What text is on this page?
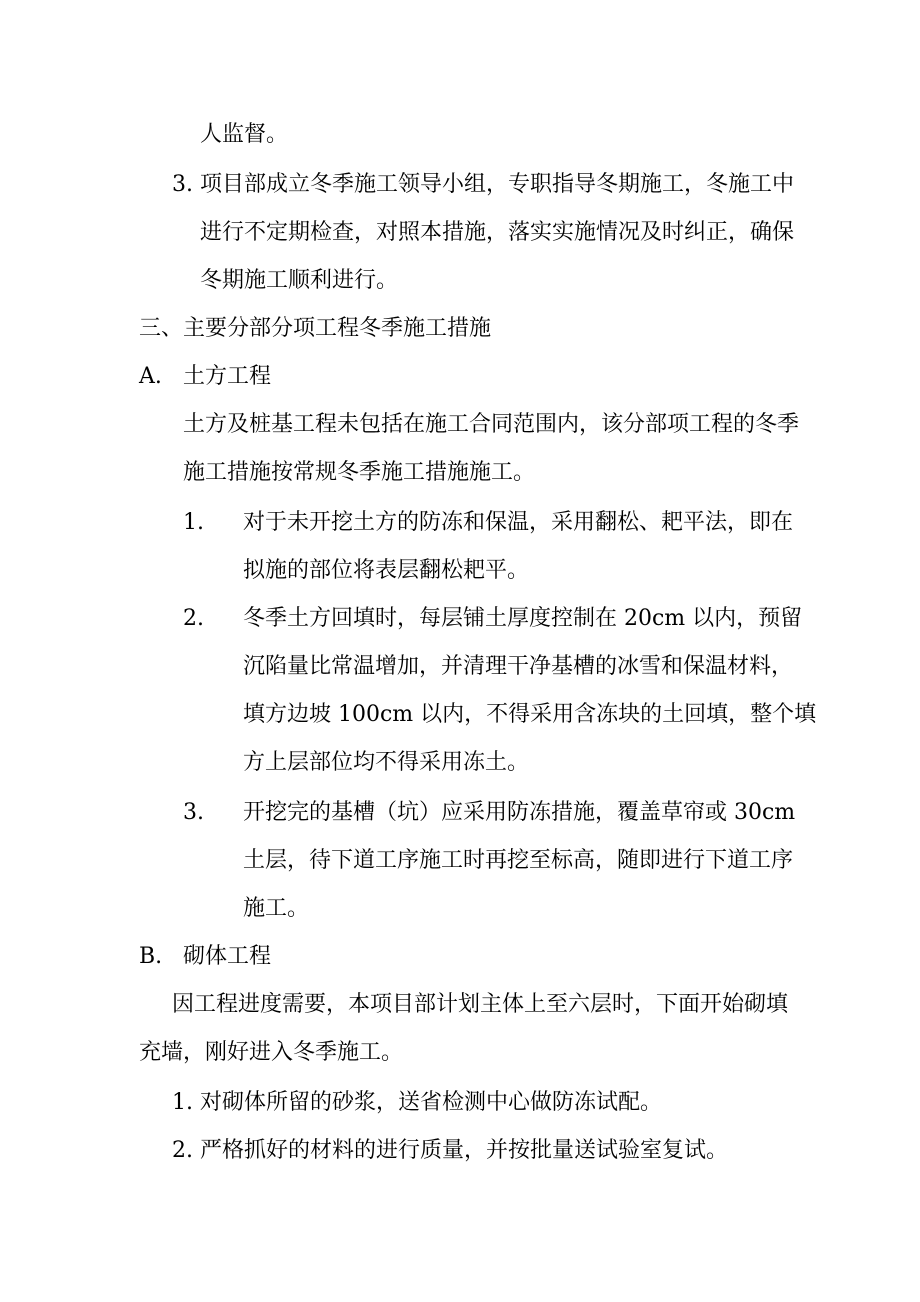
人监督。
3. 项目部成立冬季施工领导小组，专职指导冬期施工，冬施工中
进行不定期检查，对照本措施，落实实施情况及时纠正，确保
冬期施工顺利进行。
三、主要分部分项工程冬季施工措施
A. 土方工程
土方及桩基工程未包括在施工合同范围内，该分部项工程的冬季
施工措施按常规冬季施工措施施工。
1. 对于未开挖土方的防冻和保温，采用翻松、耙平法，即在
拟施的部位将表层翻松耙平。
2. 冬季土方回填时，每层铺土厚度控制在 20cm 以内，预留
沉陷量比常温增加，并清理干净基槽的冰雪和保温材料，
填方边坡 100cm 以内，不得采用含冻块的土回填，整个填
方上层部位均不得采用冻土。
3. 开挖完的基槽（坑）应采用防冻措施，覆盖草帘或 30cm
土层，待下道工序施工时再挖至标高，随即进行下道工序
施工。
B. 砌体工程
因工程进度需要，本项目部计划主体上至六层时，下面开始砌填
充墙，刚好进入冬季施工。
1. 对砌体所留的砂浆，送省检测中心做防冻试配。
2. 严格抓好的材料的进行质量，并按批量送试验室复试。
